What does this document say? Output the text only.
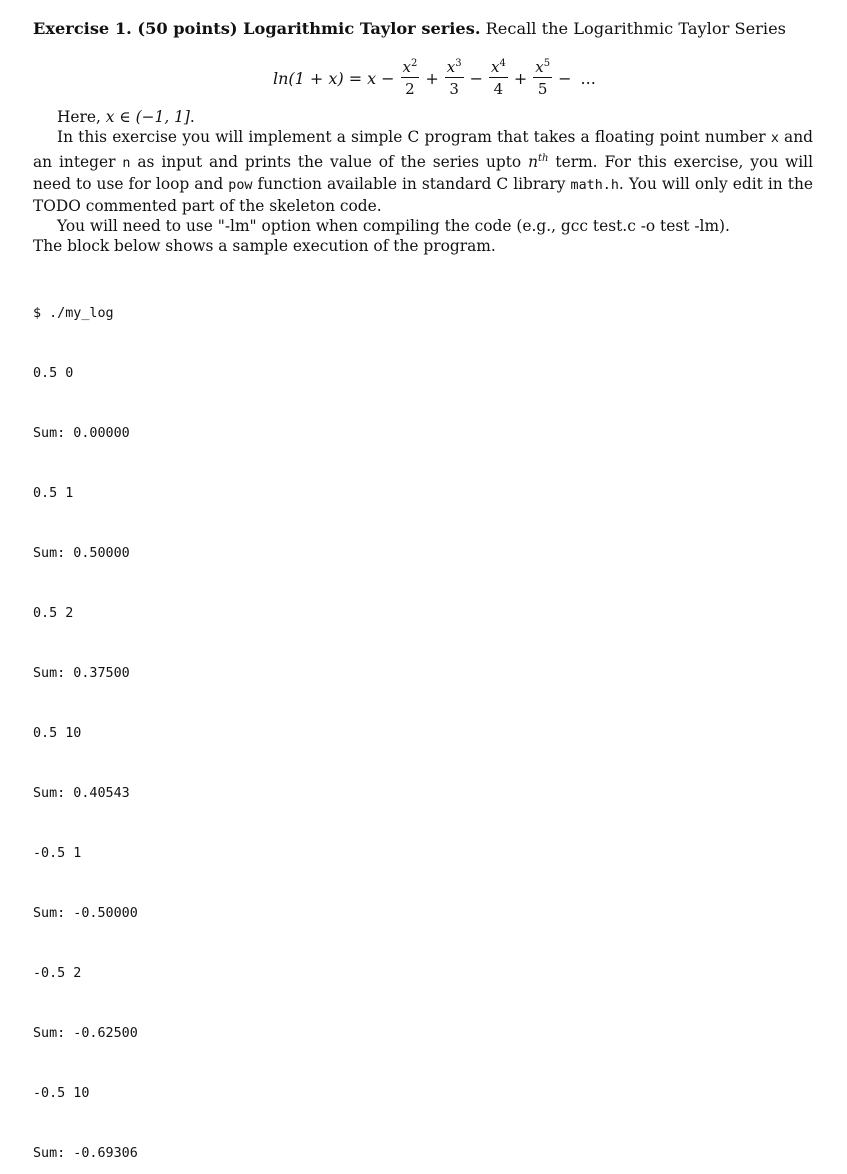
Exercise 1. (50 points) Logarithmic Taylor series. Recall the Logarithmic Taylor Series
$\ln(1 + x) = x - \frac{x^2}{2} + \frac{x^3}{3} - \frac{x^4}{4} + \frac{x^5}{5}$ − ...

Here, x ∈ (−1, 1].

In this exercise you will implement a simple C program that takes a floating point number x and an integer n as input and prints the value of the series upto $n^{th}$ term. For this exercise, you will need to use for loop and pow function available in standard C library math.h. You will only edit in the TODO commented part of the skeleton code.

You will need to use "-lm" option when compiling the code (e.g., gcc test.c -o test -lm).

The block below shows a sample execution of the program.

$ ./my_log

0.5 0

Sum: 0.00000

0.5 1

Sum: 0.50000

0.5 2

Sum: 0.37500

0.5 10

Sum: 0.40543

-0.5 1

Sum: -0.50000

-0.5 2

Sum: -0.62500

-0.5 10

Sum: -0.69306
